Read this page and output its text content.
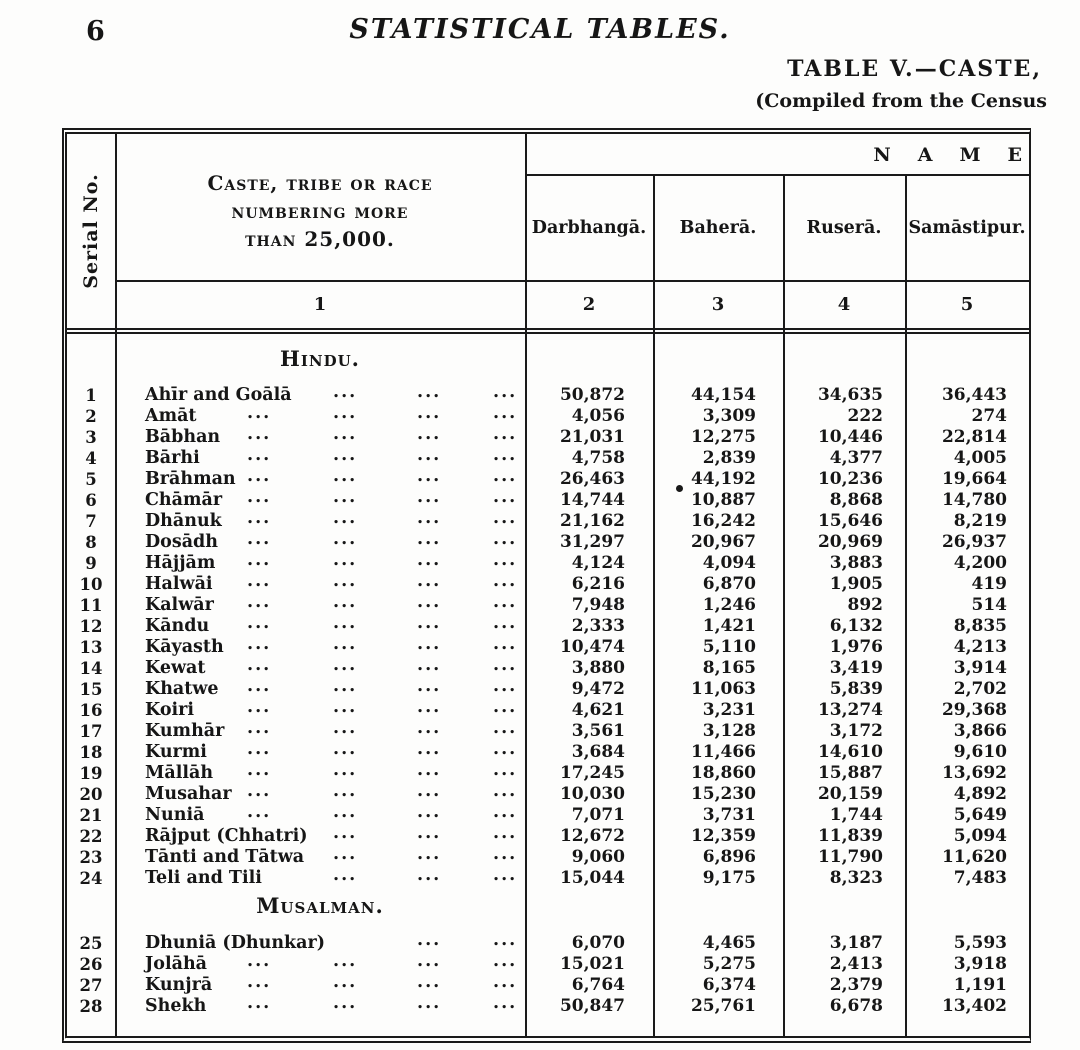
6	STATISTICAL TABLES.
TABLE V.—CASTE,
(Compiled from the Census
Serial No.	Caste, tribe or race
numbering more
than 25,000.
1
NAME
Darbhangā.	Baherā.	Ruserā.	Samāstipur.
2	3	4	5
Hindu.
1	Ahīr and Goālā ...	...	...	50,872	44,154	34,635	36,443
2	Amāt	...	...	...	...	4,056	3,309	222	274
3	Bābhan ...	...	...	...	21,031	12,275	10,446	22,814
4	Bārhi	...	...	...	...	4,758	2,839	4,377	4,005
5	Brāhman ...	...	...	...	26,463	44,192	10,236	19,664
6	Chāmār ...	...	...	...	14,744	10,887	8,868	14,780
7	Dhānuk ...	...	...	...	21,162	16,242	15,646	8,219
8	Dosādh ...	...	...	...	31,297	20,967	20,969	26,937
9	Hājjām ...	...	...	...	4,124	4,094	3,883	4,200
10	Halwāi ...	...	...	...	6,216	6,870	1,905	419
11	Kalwār ...	...	...	...	7,948	1,246	892	514
12	Kāndu ...	...	...	...	2,333	1,421	6,132	8,835
13	Kāyasth ...	...	...	...	10,474	5,110	1,976	4,213
14	Kewat ...	...	...	...	3,880	8,165	3,419	3,914
15	Khatwe ...	...	...	...	9,472	11,063	5,839	2,702
16	Koiri	...	...	...	...	4,621	3,231	13,274	29,368
17	Kumhār ...	...	...	...	3,561	3,128	3,172	3,866
18	Kurmi ...	...	...	...	3,684	11,466	14,610	9,610
19	Māllāh ...	...	...	...	17,245	18,860	15,887	13,692
20	Musahar ...	...	...	...	10,030	15,230	20,159	4,892
21	Nuniā ...	...	...	...	7,071	3,731	1,744	5,649
22	Rājput (Chhatri) ...	...	...	12,672	12,359	11,839	5,094
23	Tānti and Tātwa ...	...	...	9,060	6,896	11,790	11,620
24	Teli and Tili	...	...	...	15,044	9,175	8,323	7,483
Musalman.
25	Dhuniā (Dhunkar)	...	...	6,070	4,465	3,187	5,593
26	Jolāhā ...	...	...	...	15,021	5,275	2,413	3,918
27	Kunjrā ...	...	...	...	6,764	6,374	2,379	1,191
28	Shekh ...	...	...	...	50,847	25,761	6,678	13,402
